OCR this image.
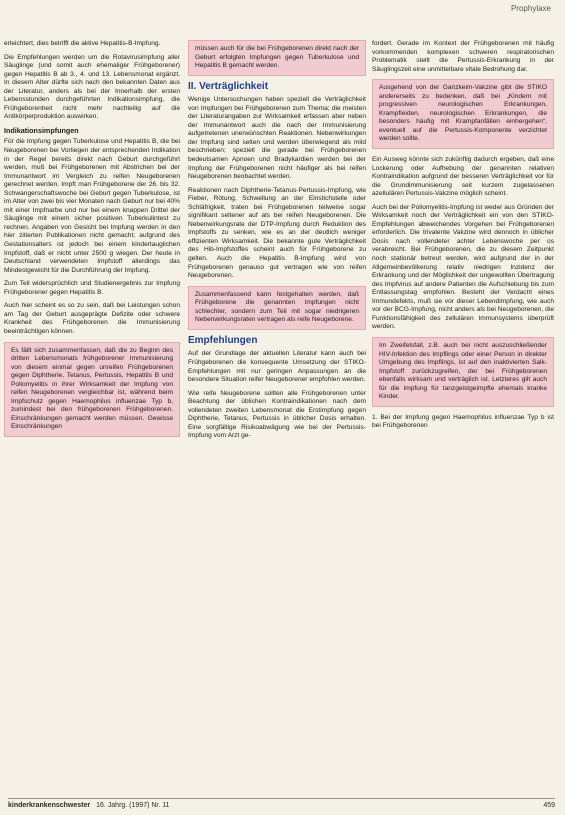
Prophylaxe

erleichtert, dies betrifft die aktive Hepatitis-B-Impfung.

Die Empfehlungen werden um die Rotavirusimpfung aller Säuglinge (und somit auch ehemaliger Frühgeborener) gegen Hepatitis B ab 3., 4. und 13. Lebensmonat ergänzt. In diesem Alter dürfte sich nach den bekannten Daten aus der Literatur, anders als bei der Innerhalb der ersten Lebensstunden durchgeführten Indikationsimpfung, die Frühgeborenheit nicht mehr nachteilig auf die Antikörperproduktion auswirken.

Indikationsimpfungen

Für die Impfung gegen Tuberkulose und Hepatitis B, die bei Neugeborenen bei Vorliegen der entsprechenden Indikation in der Regel bereits direkt nach Geburt durchgeführt werden, muß bei Frühgeborenen mit Abstrichen bei der Immunantwort im Vergleich zu reifen Neugeborenen gerechnet werden. Impft man Frühgeborene der 26. bis 32. Schwangerschaftswoche bei Geburt gegen Tuberkulose, ist im Alter von zwei bis vier Monaten nach Geburt nur bei 40% mit einer Impfnarbe und nur bei einem knappen Drittel der Säuglinge mit einem sicher positiven Tuberkulintest zu rechnen. Angaben von Gesicht bei Impfung werden in den hier zitierten Publikationen nicht gemacht; aufgrund des Gestationsalters ist jedoch bei einem kindertauglichen Impfstoff, daß er nicht unter 2500 g wiegen. Der heute in Deutschland verwendeten Impfstoff allerdings das Mindestgewicht für die Durchführung der Impfung.

Zum Teil widersprüchlich und Studienergebnis zur Impfung Frühgeborener gegen Hepatitis B.

Auch hier scheint es so zu sein, daß bei Leistungen schon am Tag der Geburt ausgeprägte Defizite oder schwere Krankheit des Frühgeborenen die Immunisierung beeinträchtigen können.

Es fällt sich zusammenfassen, daß die zu Beginn des dritten Lebensmonats frühgeborener Immunisierung von diesem einmal gegen unreifen Frühgeborenen gegen Diphtherie, Tetanus, Pertussis, Hepatitis B und Poliomyelitis in ihrer Wirksamkeit der Impfung von reifen Neugeborenen vergleichbar ist, während beim Impfschutz gegen Haemophilus influenzae Typ b, zumindest bei den frühgeborenen Frühgeborenen. Einschränkungen gemacht werden müssen. Gewisse Einschränkungen

müssen auch für die bei Frühgeborenen direkt nach der Geburt erfolgten Impfungen gegen Tuberkulose und Hepatitis B gemacht werden.

II. Verträglichkeit

Wenige Untersuchungen haben speziell die Verträglichkeit von Impfungen bei Frühgeborenen zum Thema; die meisten der Literaturangaben zur Wirksamkeit erfassen aber neben der Immunantwort auch die nach der Immunisierung aufgetretenen unerwünschten Reaktionen. Nebenwirkungen der Impfung sind selten und werden überwiegend als mild beschrieben; speziell die gerade bei Frühgeborenen bedeutsamen Apnoen und Bradykardien werden bei der Impfung der Frühgeborenen nicht häufiger als bei reifen Neugeborenen beobachtet werden.

Reaktionen nach Diphtherie-Tetanus-Pertussis-Impfung, wie Fieber, Rötung, Schwellung an der Einstichstelle oder Schläfrigkeit, traten bei Frühgeborenen teilweise sogar signifikant seltener auf als bei reifen Neugeborenen. Die Nebenwirkungsrate der DTP-Impfung durch Reduktion des Impfstoffs zu senken, wie es an der deutlich weniger effizienten Wirksamkeit. Die bekannte gute Verträglichkeit des Hib-Impfstoffes scheint auch für Frühgeborene zu gelten. Auch die Hepatitis B-Impfung wird von Frühgeborenen genauso gut vertragen wie von reifen Neugeborenen.

Zusammenfassend kann festgehalten werden, daß Frühgeborene die genannten Impfungen nicht schlechter, sondern zum Teil mit sogar niedrigeren Nebenwirkungsraten vertragen als reife Neugeborene.

Empfehlungen

Auf der Grundlage der aktuellen Literatur kann auch bei Frühgeborenen die konsequente Umsetzung der STIKO-Empfehlungen mit nur geringen Anpassungen an die besondere Situation reifer Neugeborener empfohlen werden.

Wie reife Neugeborene sollten alle Frühgeborenen unter Beachtung der üblichen Kontraindikationen nach dem vollendeten zweiten Lebensmonat die Erstimpfung gegen Diphtherie, Tetanus, Pertussis in üblicher Dosis erhalten. Eine sorgfältige Risikoabwägung wie bei der Pertussis-Impfung vom Arzt ge-

fordert. Gerade im Kontext der Frühgeborenen mit häufig vorkommenden komplexen schweren respiratorischen Problematik stellt die Pertussis-Erkrankung in der Säuglingszeit eine unmittelbare vitale Bedrohung dar.

Ausgehend von der Ganzkeim-Vakzine gibt die STIKO andererseits zu bedenken, daß bei „Kindern mit progressiven neurologischen Erkrankungen, Krampfleiden, neurologischen Erkrankungen, die besonders häufig mit Krampfanfällen einhergehen“, eventuell auf die Pertussis-Komponente verzichtet werden sollte.

Ein Ausweg könnte sich zukünftig dadurch ergeben, daß eine Lockerung oder Aufhebung der genannten relativen Kontraindikation aufgrund der besseren Verträglichkeit vor für die Grundimmunisierung seit kurzem zugelassenen azellulären Pertussis-Vakzine möglich scheint.

Auch bei der Poliomyelitis-Impfung ist weder aus Gründen der Wirksamkeit noch der Verträglichkeit ein von den STIKO-Empfehlungen abweichendes Vorgehen bei Frühgeborenen erforderlich. Die trivalente Vakzine wird dennoch in üblicher Dosis nach vollendeter achter Lebenswoche per os verabreicht. Bei Frühgeborenen, die zu diesem Zeitpunkt noch stationär betreut werden, wird aufgrund der in der Allgemeinbevölkerung relativ niedrigen Inzidenz der Erkrankung und der Möglichkeit der ungewollten Übertragung des Impfvirus auf andere Patienten die Aufschiebung bis zum Entlassungstag empfohlen. Besteht der Verdacht eines Immundefekts, muß sie vor dieser Lebendimpfung, wie auch vor der BCG-Impfung, nicht anders als bei Neugeborenen, die Funktionsfähigkeit des zellulären Immunsystems überprüft werden.

Im Zweifelsfall, z.B. auch bei nicht auszuschließender HIV-Infektion des Impflings oder einer Person in direkter Umgebung des Impflings, ist auf den inaktivierten Salk-Impfstoff zurückzugreifen, der bei Frühgeborenen ebenfalls wirksam und verträglich ist. Letzteres gilt auch für die Impfung für tanzgeistgeimpfte ehemals kranke Kinder.

1. Bei der Impfung gegen Haemophilus influenzae Typ b ist bei Frühgeborenen

kinderkrankenschwester 16. Jahrg. (1997) Nr. 11	459
